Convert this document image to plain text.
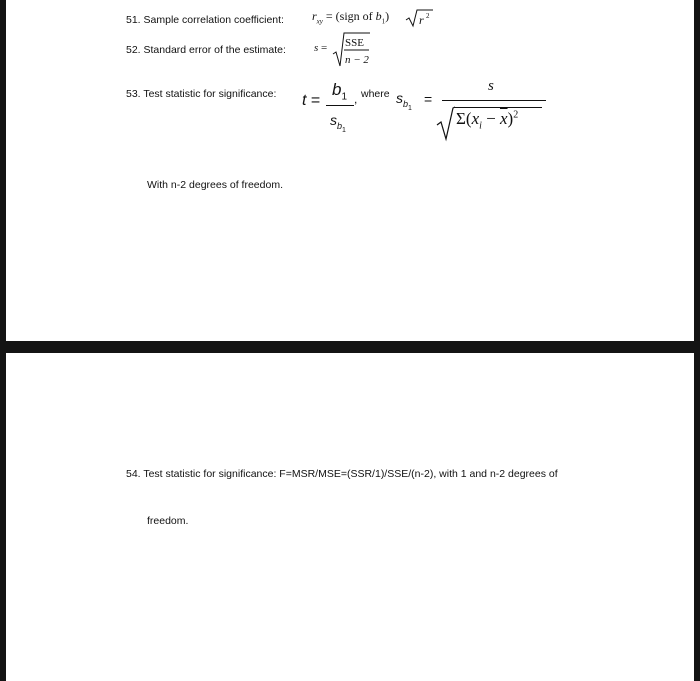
51. Sample correlation coefficient: $r_{xy}$ = (sign of $b_1$) r 2
52. Standard error of the estimate:	s = SSE
n − 2
53. Test statistic for significance: t =
$b_1$ ,
$s_{b_1}$
where $s_{b_1}$
=
s
$\Sigma(x_i - \overline{x})^2$
With n-2 degrees of freedom.
54. Test statistic for significance: F=MSR/MSE=(SSR/1)/SSE/(n-2), with 1 and n-2 degrees of
freedom.
